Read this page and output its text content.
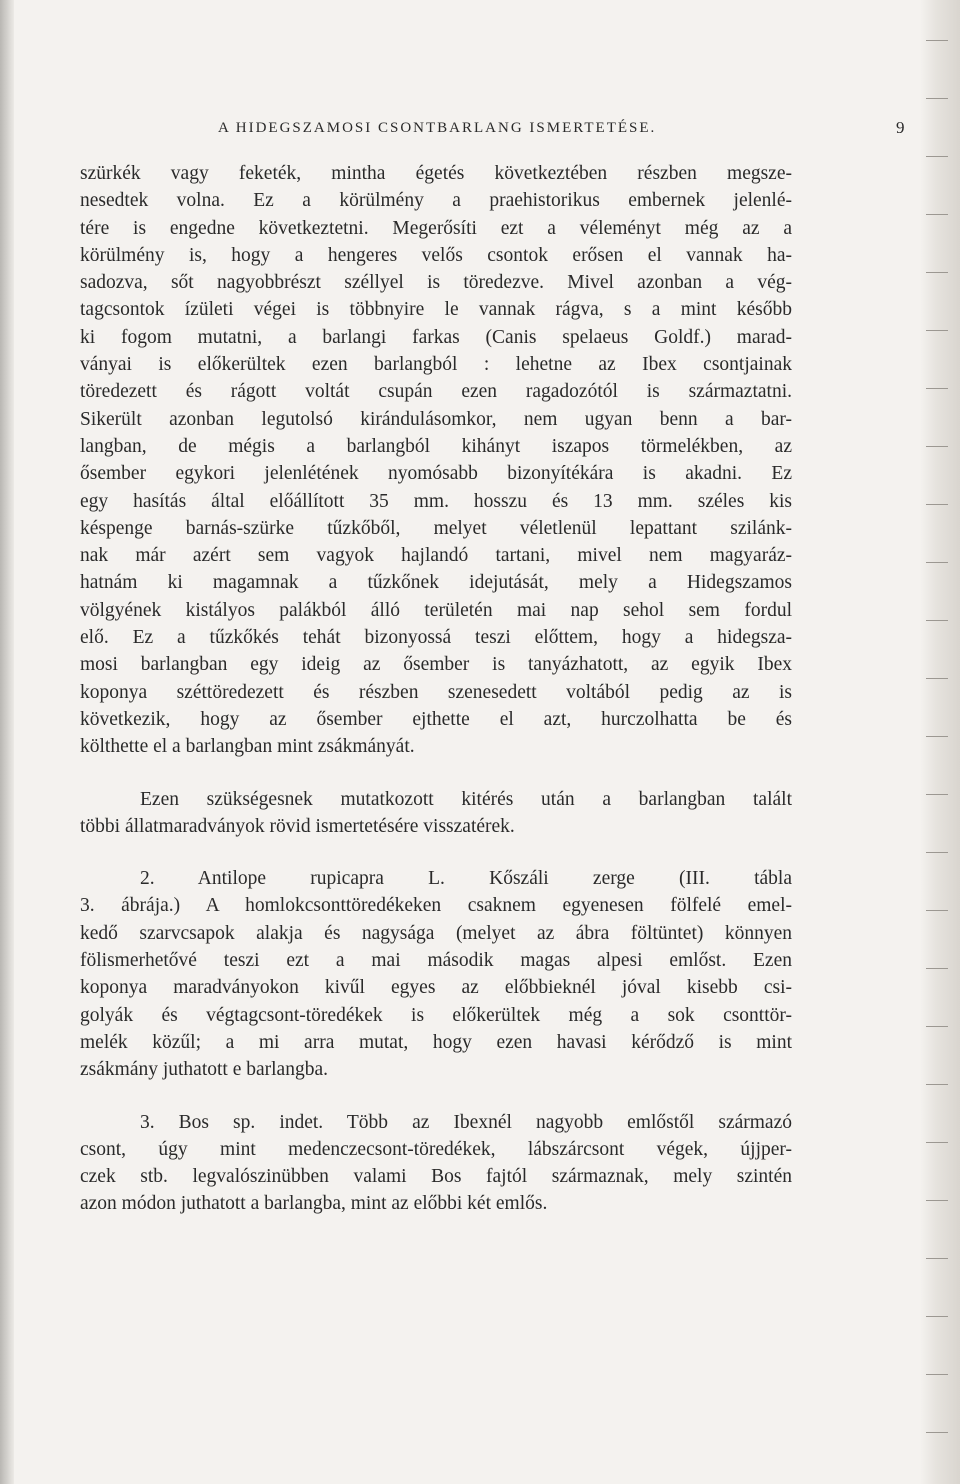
A HIDEGSZAMOSI CSONTBARLANG ISMERTETÉSE.	9
szürkék vagy feketék, mintha égetés következtében részben megsze-
nesedtek volna. Ez a körülmény a praehistorikus embernek jelenlé-
tére is engedne következtetni. Megerősíti ezt a véleményt még az a
körülmény is, hogy a hengeres velős csontok erősen el vannak ha-
sadozva, sőt nagyobbrészt széllyel is töredezve. Mivel azonban a vég-
tagcsontok ízületi végei is többnyire le vannak rágva, s a mint később
ki fogom mutatni, a barlangi farkas (Canis spelaeus Goldf.) marad-
ványai is előkerültek ezen barlangból : lehetne az Ibex csontjainak
töredezett és rágott voltát csupán ezen ragadozótól is származtatni.
Sikerült azonban legutolsó kirándulásomkor, nem ugyan benn a bar-
langban, de mégis a barlangból kihányt iszapos törmelékben, az
ősember egykori jelenlétének nyomósabb bizonyítékára is akadni. Ez
egy hasítás által előállított 35 mm. hosszu és 13 mm. széles kis
késpenge barnás-szürke tűzkőből, melyet véletlenül lepattant szilánk-
nak már azért sem vagyok hajlandó tartani, mivel nem magyaráz-
hatnám ki magamnak a tűzkőnek idejutását, mely a Hidegszamos
völgyének kistályos palákból álló területén mai nap sehol sem fordul
elő. Ez a tűzkőkés tehát bizonyossá teszi előttem, hogy a hidegsza-
mosi barlangban egy ideig az ősember is tanyázhatott, az egyik Ibex
koponya széttöredezett és részben szenesedett voltából pedig az is
következik, hogy az ősember ejthette el azt, hurczolhatta be és
költhette el a barlangban mint zsákmányát.
Ezen szükségesnek mutatkozott kitérés után a barlangban talált
többi állatmaradványok rövid ismertetésére visszatérek.
2. Antilope rupicapra L. Kőszáli zerge (III. tábla
3. ábrája.) A homlokcsonttöredékeken csaknem egyenesen fölfelé emel-
kedő szarvcsapok alakja és nagysága (melyet az ábra föltüntet) könnyen
fölismerhetővé teszi ezt a mai második magas alpesi emlőst. Ezen
koponya maradványokon kivűl egyes az előbbieknél jóval kisebb csi-
golyák és végtagcsont-töredékek is előkerültek még a sok csonttör-
melék közűl; a mi arra mutat, hogy ezen havasi kérődző is mint
zsákmány juthatott e barlangba.
3. Bos sp. indet. Több az Ibexnél nagyobb emlőstől származó
csont, úgy mint medenczecsont-töredékek, lábszárcsont végek, újjper-
czek stb. legvalószinübben valami Bos fajtól származnak, mely szintén
azon módon juthatott a barlangba, mint az előbbi két emlős.
